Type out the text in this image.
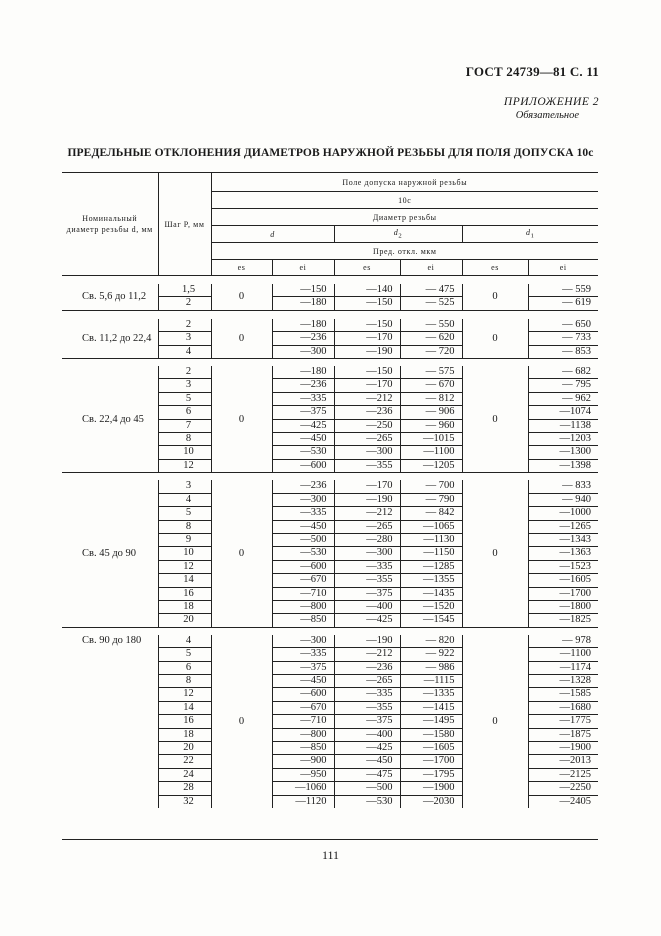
ГОСТ 24739—81 С. 11
ПРИЛОЖЕНИЕ 2
Обязательное
ПРЕДЕЛЬНЫЕ ОТКЛОНЕНИЯ ДИАМЕТРОВ НАРУЖНОЙ РЕЗЬБЫ ДЛЯ ПОЛЯ ДОПУСКА 10с
Номинальный диаметр резьбы d, мм	Шаг P, мм	Поле допуска наружной резьбы					
		10с					
		Диаметр резьбы					
		d		$d_2$		$d_1$
		Пред. откл. мкм					
		es	ei	es	ei	es	ei

Св. 5,6 до 11,2	1,5	0	—150	—140	— 475	0	— 559
	2		—180	—150	— 525		— 619

Св. 11,2 до 22,4	2	0	—180	—150	— 550	0	— 650
	3		—236	—170	— 620		— 733
	4		—300	—190	— 720		— 853

Св. 22,4 до 45	2	0	—180	—150	— 575	0	— 682
	3		—236	—170	— 670		— 795
	5		—335	—212	— 812		— 962
	6		—375	—236	— 906		—1074
	7		—425	—250	— 960		—1138
	8		—450	—265	—1015		—1203
	10		—530	—300	—1100		—1300
	12		—600	—355	—1205		—1398

Св. 45 до 90	3	0	—236	—170	— 700	0	— 833
	4		—300	—190	— 790		— 940
	5		—335	—212	— 842		—1000
	8		—450	—265	—1065		—1265
	9		—500	—280	—1130		—1343
	10		—530	—300	—1150		—1363
	12		—600	—335	—1285		—1523
	14		—670	—355	—1355		—1605
	16		—710	—375	—1435		—1700
	18		—800	—400	—1520		—1800
	20		—850	—425	—1545		—1825

Св. 90 до 180	4	0	—300	—190	— 820	0	— 978
	5		—335	—212	— 922		—1100
	6		—375	—236	— 986		—1174
	8		—450	—265	—1115		—1328
	12		—600	—335	—1335		—1585
	14		—670	—355	—1415		—1680
	16		—710	—375	—1495		—1775
	18		—800	—400	—1580		—1875
	20		—850	—425	—1605		—1900
	22		—900	—450	—1700		—2013
	24		—950	—475	—1795		—2125
	28		—1060	—500	—1900		—2250
	32		—1120	—530	—2030		—2405
111
